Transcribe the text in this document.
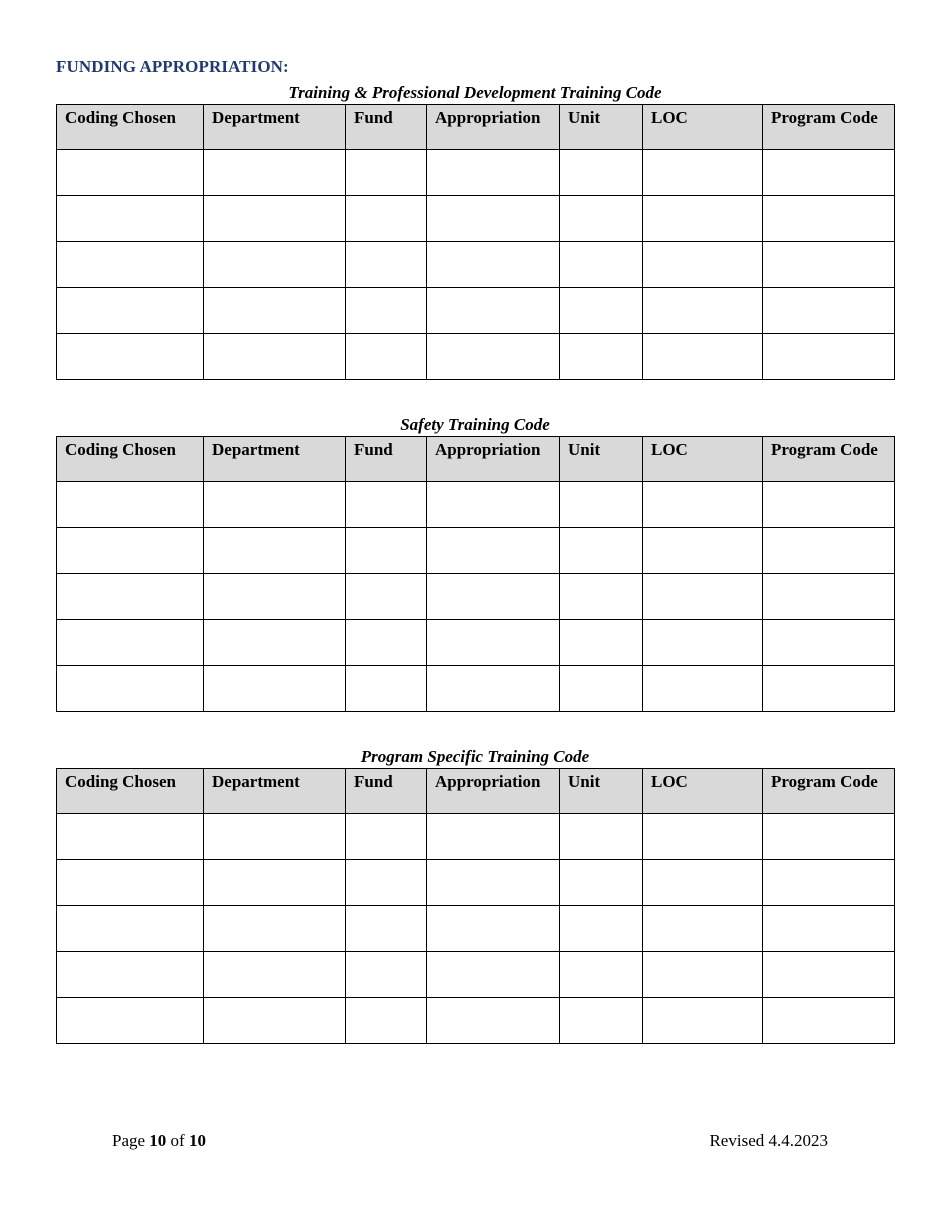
FUNDING APPROPRIATION:
Training & Professional Development Training Code
Coding Chosen	Department	Fund	Appropriation	Unit	LOC	Program Code

Safety Training Code
Coding Chosen	Department	Fund	Appropriation	Unit	LOC	Program Code

Program Specific Training Code
Coding Chosen	Department	Fund	Appropriation	Unit	LOC	Program Code

Page 10 of 10	Revised 4.4.2023
